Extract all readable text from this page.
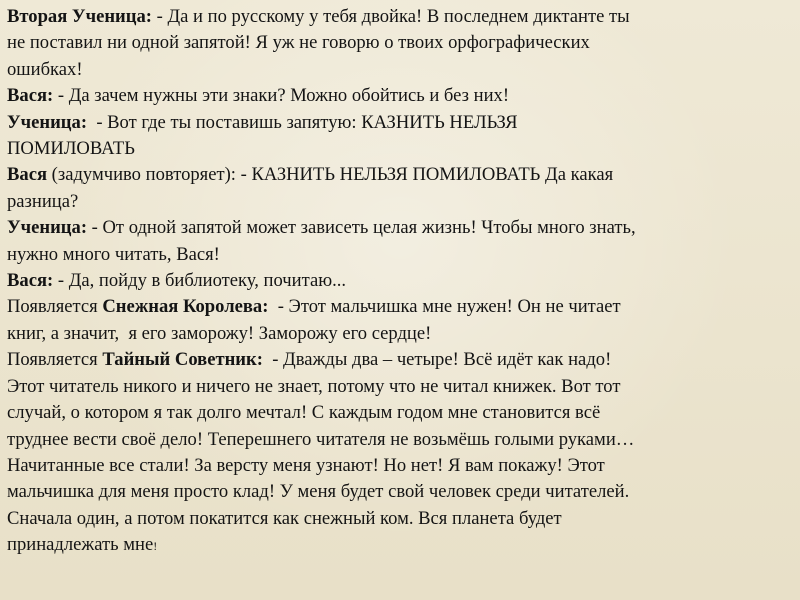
Вторая Ученица: - Да и по русскому у тебя двойка! В последнем диктанте ты
не поставил ни одной запятой! Я уж не говорю о твоих орфографических
ошибках!
Вася: - Да зачем нужны эти знаки? Можно обойтись и без них!
Ученица:  - Вот где ты поставишь запятую: КАЗНИТЬ НЕЛЬЗЯ
ПОМИЛОВАТЬ
Вася (задумчиво повторяет): - КАЗНИТЬ НЕЛЬЗЯ ПОМИЛОВАТЬ Да какая
разница?
Ученица: - От одной запятой может зависеть целая жизнь! Чтобы много знать,
нужно много читать, Вася!
Вася: - Да, пойду в библиотеку, почитаю...
Появляется Снежная Королева:  - Этот мальчишка мне нужен! Он не читает
книг, а значит,  я его заморожу! Заморожу его сердце!
Появляется Тайный Советник:  - Дважды два – четыре! Всё идёт как надо!
Этот читатель никого и ничего не знает, потому что не читал книжек. Вот тот
случай, о котором я так долго мечтал! С каждым годом мне становится всё
труднее вести своё дело! Теперешнего читателя не возьмёшь голыми руками…
Начитанные все стали! За версту меня узнают! Но нет! Я вам покажу! Этот
мальчишка для меня просто клад! У меня будет свой человек среди читателей.
Сначала один, а потом покатится как снежный ком. Вся планета будет
принадлежать мне!
